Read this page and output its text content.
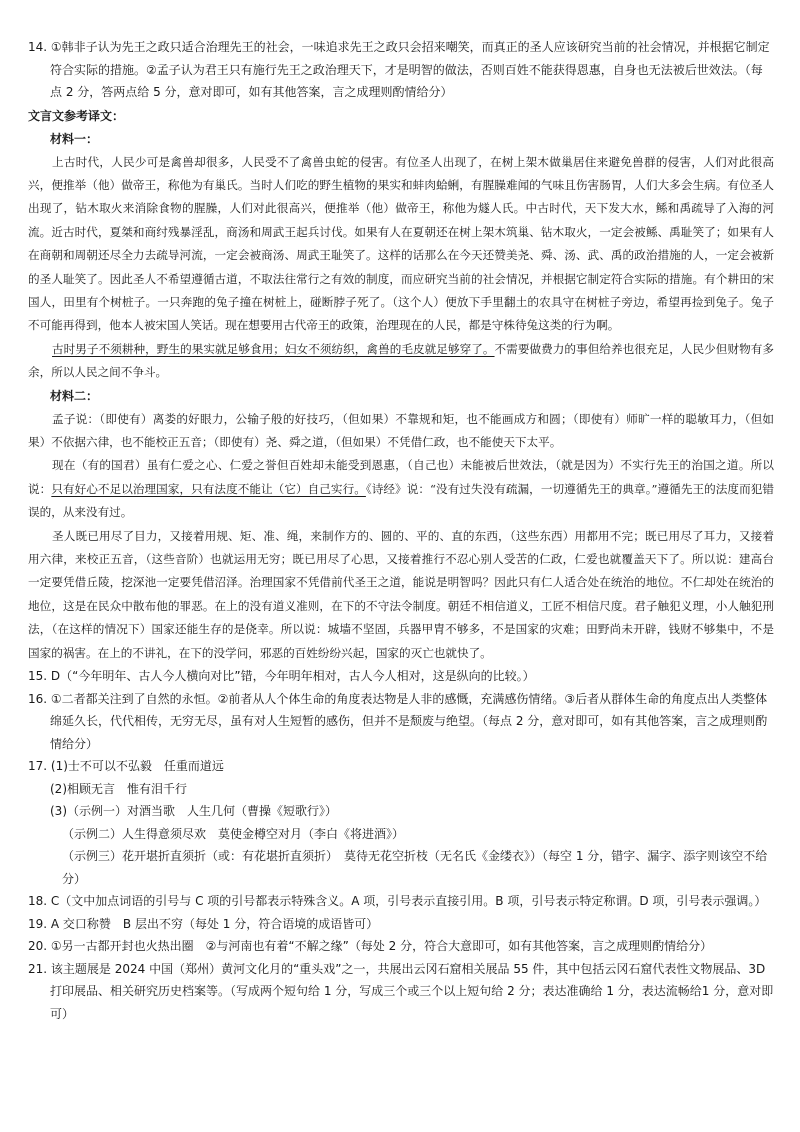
14. ①韩非子认为先王之政只适合治理先王的社会，一味追求先王之政只会招来嘲笑，而真正的圣人应该研究当前的社会情况，并根据它制定符合实际的措施。②孟子认为君王只有施行先王之政治理天下，才是明智的做法，否则百姓不能获得恩惠，自身也无法被后世效法。（每点 2 分，答两点给 5 分，意对即可，如有其他答案，言之成理则酌情给分）

文言文参考译文：

材料一：

上古时代，人民少可是禽兽却很多，人民受不了禽兽虫蛇的侵害。有位圣人出现了，在树上架木做巢居住来避免兽群的侵害，人们对此很高兴，便推举（他）做帝王，称他为有巢氏。当时人们吃的野生植物的果实和蚌肉蛤蜊，有腥臊难闻的气味且伤害肠胃，人们大多会生病。有位圣人出现了，钻木取火来消除食物的腥臊，人们对此很高兴，便推举（他）做帝王，称他为燧人氏。中古时代，天下发大水，鲧和禹疏导了入海的河流。近古时代，夏桀和商纣残暴淫乱，商汤和周武王起兵讨伐。如果有人在夏朝还在树上架木筑巢、钻木取火，一定会被鲧、禹耻笑了；如果有人在商朝和周朝还尽全力去疏导河流，一定会被商汤、周武王耻笑了。这样的话那么在今天还赞美尧、舜、汤、武、禹的政治措施的人，一定会被新的圣人耻笑了。因此圣人不希望遵循古道，不取法往常行之有效的制度，而应研究当前的社会情况，并根据它制定符合实际的措施。有个耕田的宋国人，田里有个树桩子。一只奔跑的兔子撞在树桩上，碰断脖子死了。（这个人）便放下手里翻土的农具守在树桩子旁边，希望再捡到兔子。兔子不可能再得到，他本人被宋国人笑话。现在想要用古代帝王的政策，治理现在的人民，都是守株待兔这类的行为啊。

古时男子不须耕种，野生的果实就足够食用；妇女不须纺织，禽兽的毛皮就足够穿了。不需要做费力的事但给养也很充足，人民少但财物有多余，所以人民之间不争斗。

材料二：

孟子说：（即使有）离娄的好眼力，公输子般的好技巧，（但如果）不靠规和矩，也不能画成方和圆；（即使有）师旷一样的聪敏耳力，（但如果）不依据六律，也不能校正五音；（即使有）尧、舜之道，（但如果）不凭借仁政，也不能使天下太平。

现在（有的国君）虽有仁爱之心、仁爱之誉但百姓却未能受到恩惠，（自己也）未能被后世效法，（就是因为）不实行先王的治国之道。所以说：只有好心不足以治理国家，只有法度不能让（它）自己实行。《诗经》说：“没有过失没有疏漏，一切遵循先王的典章。”遵循先王的法度而犯错误的，从来没有过。

圣人既已用尽了目力，又接着用规、矩、准、绳，来制作方的、圆的、平的、直的东西，（这些东西）用都用不完；既已用尽了耳力，又接着用六律，来校正五音，（这些音阶）也就运用无穷；既已用尽了心思，又接着推行不忍心别人受苦的仁政，仁爱也就覆盖天下了。所以说：建高台一定要凭借丘陵，挖深池一定要凭借沼泽。治理国家不凭借前代圣王之道，能说是明智吗？因此只有仁人适合处在统治的地位。不仁却处在统治的地位，这是在民众中散布他的罪恶。在上的没有道义准则，在下的不守法令制度。朝廷不相信道义，工匠不相信尺度。君子触犯义理，小人触犯刑法，（在这样的情况下）国家还能生存的是侥幸。所以说：城墙不坚固，兵器甲胄不够多，不是国家的灾难；田野尚未开辟，钱财不够集中，不是国家的祸害。在上的不讲礼，在下的没学问，邪恶的百姓纷纷兴起，国家的灭亡也就快了。

15. D（“今年明年、古人今人横向对比”错，今年明年相对，古人今人相对，这是纵向的比较。）

16. ①二者都关注到了自然的永恒。②前者从人个体生命的角度表达物是人非的感慨，充满感伤情绪。③后者从群体生命的角度点出人类整体绵延久长，代代相传，无穷无尽，虽有对人生短暂的感伤，但并不是颓废与绝望。（每点 2 分，意对即可，如有其他答案，言之成理则酌情给分）

17. (1)士不可以不弘毅　任重而道远

(2)相顾无言　惟有泪千行

(3)（示例一）对酒当歌　人生几何（曹操《短歌行》）

（示例二）人生得意须尽欢　莫使金樽空对月（李白《将进酒》）

（示例三）花开堪折直须折（或：有花堪折直须折）　莫待无花空折枝（无名氏《金缕衣》）（每空 1 分，错字、漏字、添字则该空不给分）

18. C（文中加点词语的引号与 C 项的引号都表示特殊含义。A 项，引号表示直接引用。B 项，引号表示特定称谓。D 项，引号表示强调。）

19. A 交口称赞　B 层出不穷（每处 1 分，符合语境的成语皆可）

20. ①另一古都开封也火热出圈　②与河南也有着“不解之缘”（每处 2 分，符合大意即可，如有其他答案，言之成理则酌情给分）

21. 该主题展是 2024 中国（郑州）黄河文化月的“重头戏”之一，共展出云冈石窟相关展品 55 件，其中包括云冈石窟代表性文物展品、3D 打印展品、相关研究历史档案等。（写成两个短句给 1 分，写成三个或三个以上短句给 2 分；表达准确给 1 分，表达流畅给1 分，意对即可）
